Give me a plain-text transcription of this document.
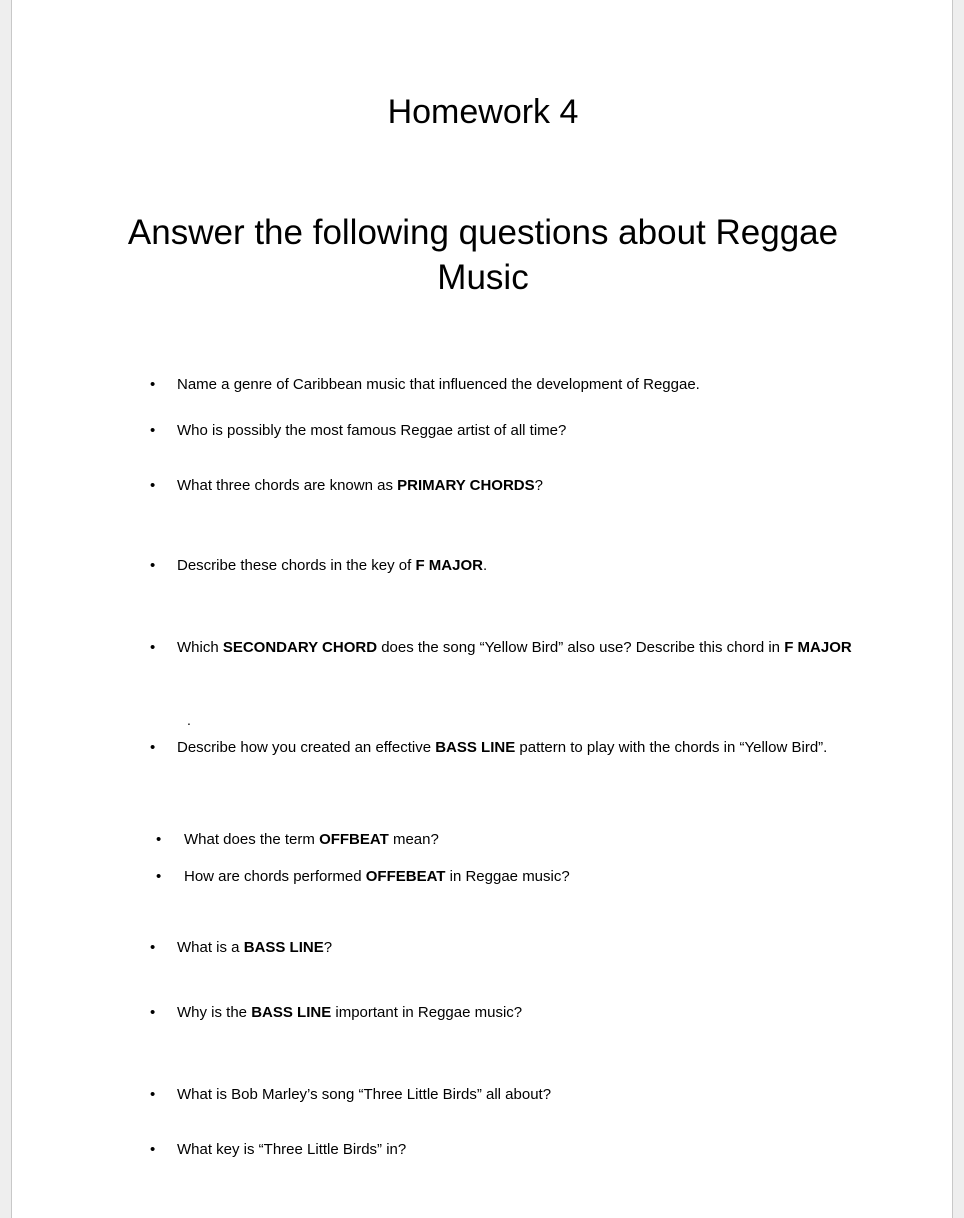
Homework 4
Answer the following questions about Reggae Music
• Name a genre of Caribbean music that influenced the development of Reggae.
• Who is possibly the most famous Reggae artist of all time?
• What three chords are known as PRIMARY CHORDS?
• Describe these chords in the key of F MAJOR.
• Which SECONDARY CHORD does the song “Yellow Bird” also use? Describe this chord in F MAJOR
• Describe how you created an effective BASS LINE pattern to play with the chords in “Yellow Bird”.
• What does the term OFFBEAT mean?
• How are chords performed OFFEBEAT in Reggae music?
• What is a BASS LINE?
• Why is the BASS LINE important in Reggae music?
• What is Bob Marley’s song “Three Little Birds” all about?
• What key is “Three Little Birds” in?
.
